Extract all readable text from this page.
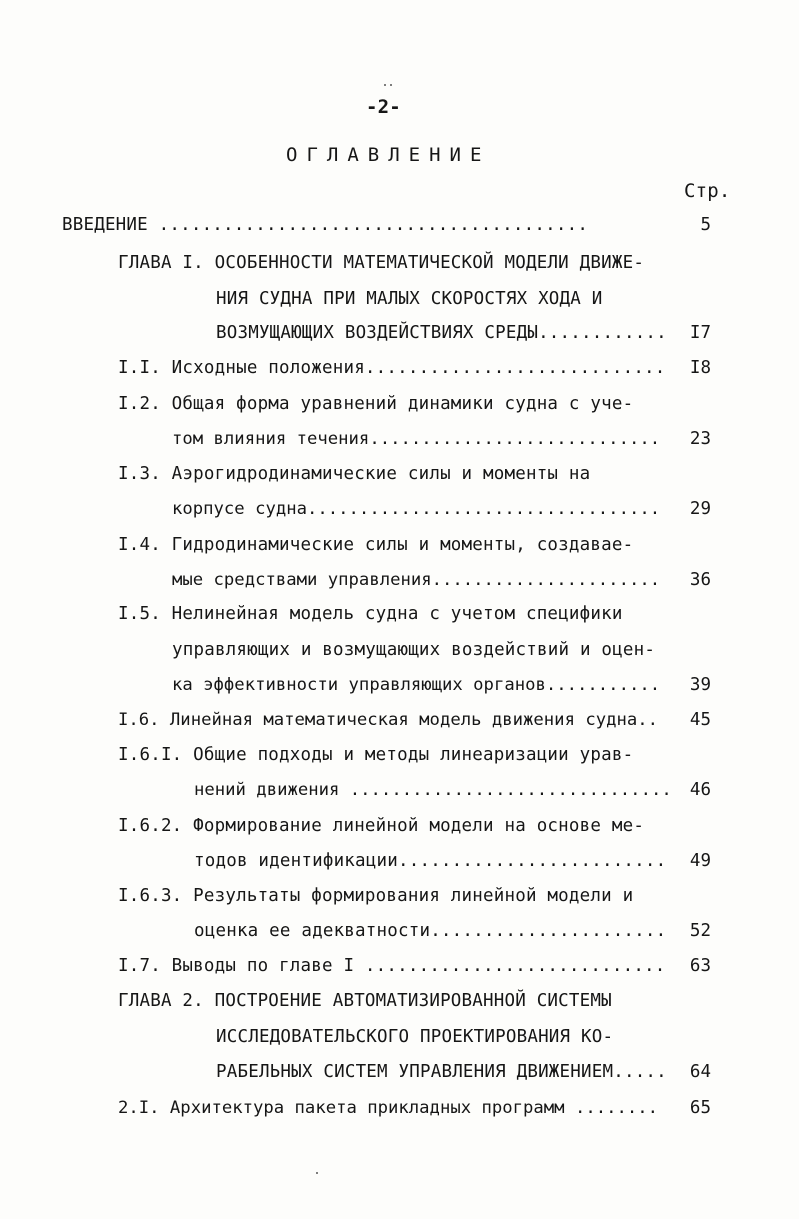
-2-
ОГЛАВЛЕНИЕ
Стр.
ВВЕДЕНИЕ ........................................	5
ГЛАВА I. ОСОБЕННОСТИ МАТЕМАТИЧЕСКОЙ МОДЕЛИ ДВИЖЕ-
НИЯ СУДНА ПРИ МАЛЫХ СКОРОСТЯХ ХОДА И
ВОЗМУЩАЮЩИХ ВОЗДЕЙСТВИЯХ СРЕДЫ............ I7
I.I. Исходные положения............................ I8
I.2. Общая форма уравнений динамики судна с уче-
том влияния течения............................ 23
I.3. Аэрогидродинамические силы и моменты на
корпусе судна.................................. 29
I.4. Гидродинамические силы и моменты, создавае-
мые средствами управления...................... 36
I.5. Нелинейная модель судна с учетом специфики
управляющих и возмущающих воздействий и оцен-
ка эффективности управляющих органов........... 39
I.6. Линейная математическая модель движения судна.. 45
I.6.I. Общие подходы и методы линеаризации урав-
нений движения ............................... 46
I.6.2. Формирование линейной модели на основе ме-
тодов идентификации......................... 49
I.6.3. Результаты формирования линейной модели и
оценка ее адекватности...................... 52
I.7. Выводы по главе I ............................ 63
ГЛАВА 2. ПОСТРОЕНИЕ АВТОМАТИЗИРОВАННОЙ СИСТЕМЫ
ИССЛЕДОВАТЕЛЬСКОГО ПРОЕКТИРОВАНИЯ КО-
РАБЕЛЬНЫХ СИСТЕМ УПРАВЛЕНИЯ ДВИЖЕНИЕМ..... 64
2.I. Архитектура пакета прикладных программ ........ 65
